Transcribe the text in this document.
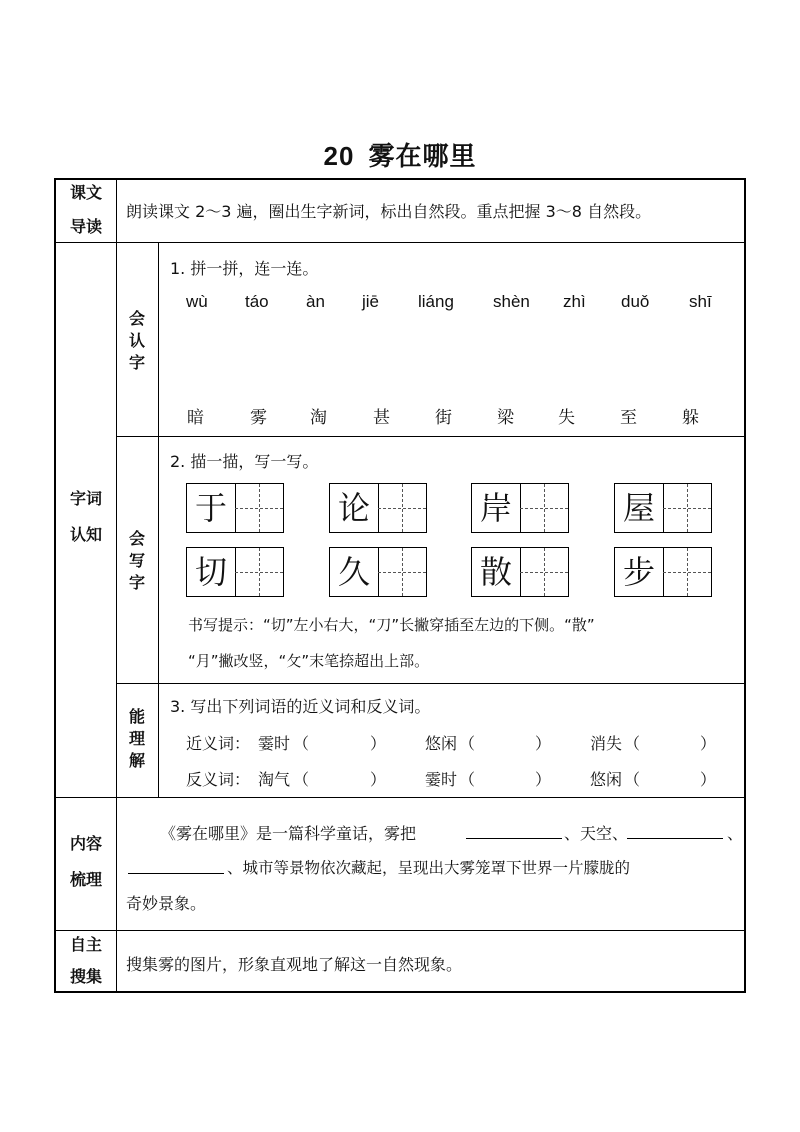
20 雾在哪里
课文
导读
朗读课文 2～3 遍，圈出生字新词，标出自然段。重点把握 3～8 自然段。
字词
认知
会
认
字
1. 拼一拼，连一连。
wù táo àn jiē liáng shèn zhì duǒ shī
暗	雾	淘	甚	街	梁	失	至	躲
会
写
字
2. 描一描，写一写。
于	论	岸	屋
切	久	散	步
书写提示：“切”左小右大，“刀”长撇穿插至左边的下侧。“散”
“月”撇改竖，“攵”末笔捺超出上部。
能
理
解
3. 写出下列词语的近义词和反义词。
近义词： 霎时 （	） 悠闲 （	） 消失 （	）
反义词： 淘气 （	） 霎时 （	） 悠闲 （	）
内容
梳理
《雾在哪里》是一篇科学童话，雾把	、天空、	、
、城市等景物依次藏起，呈现出大雾笼罩下世界一片朦胧的
奇妙景象。
自主
搜集
搜集雾的图片，形象直观地了解这一自然现象。
